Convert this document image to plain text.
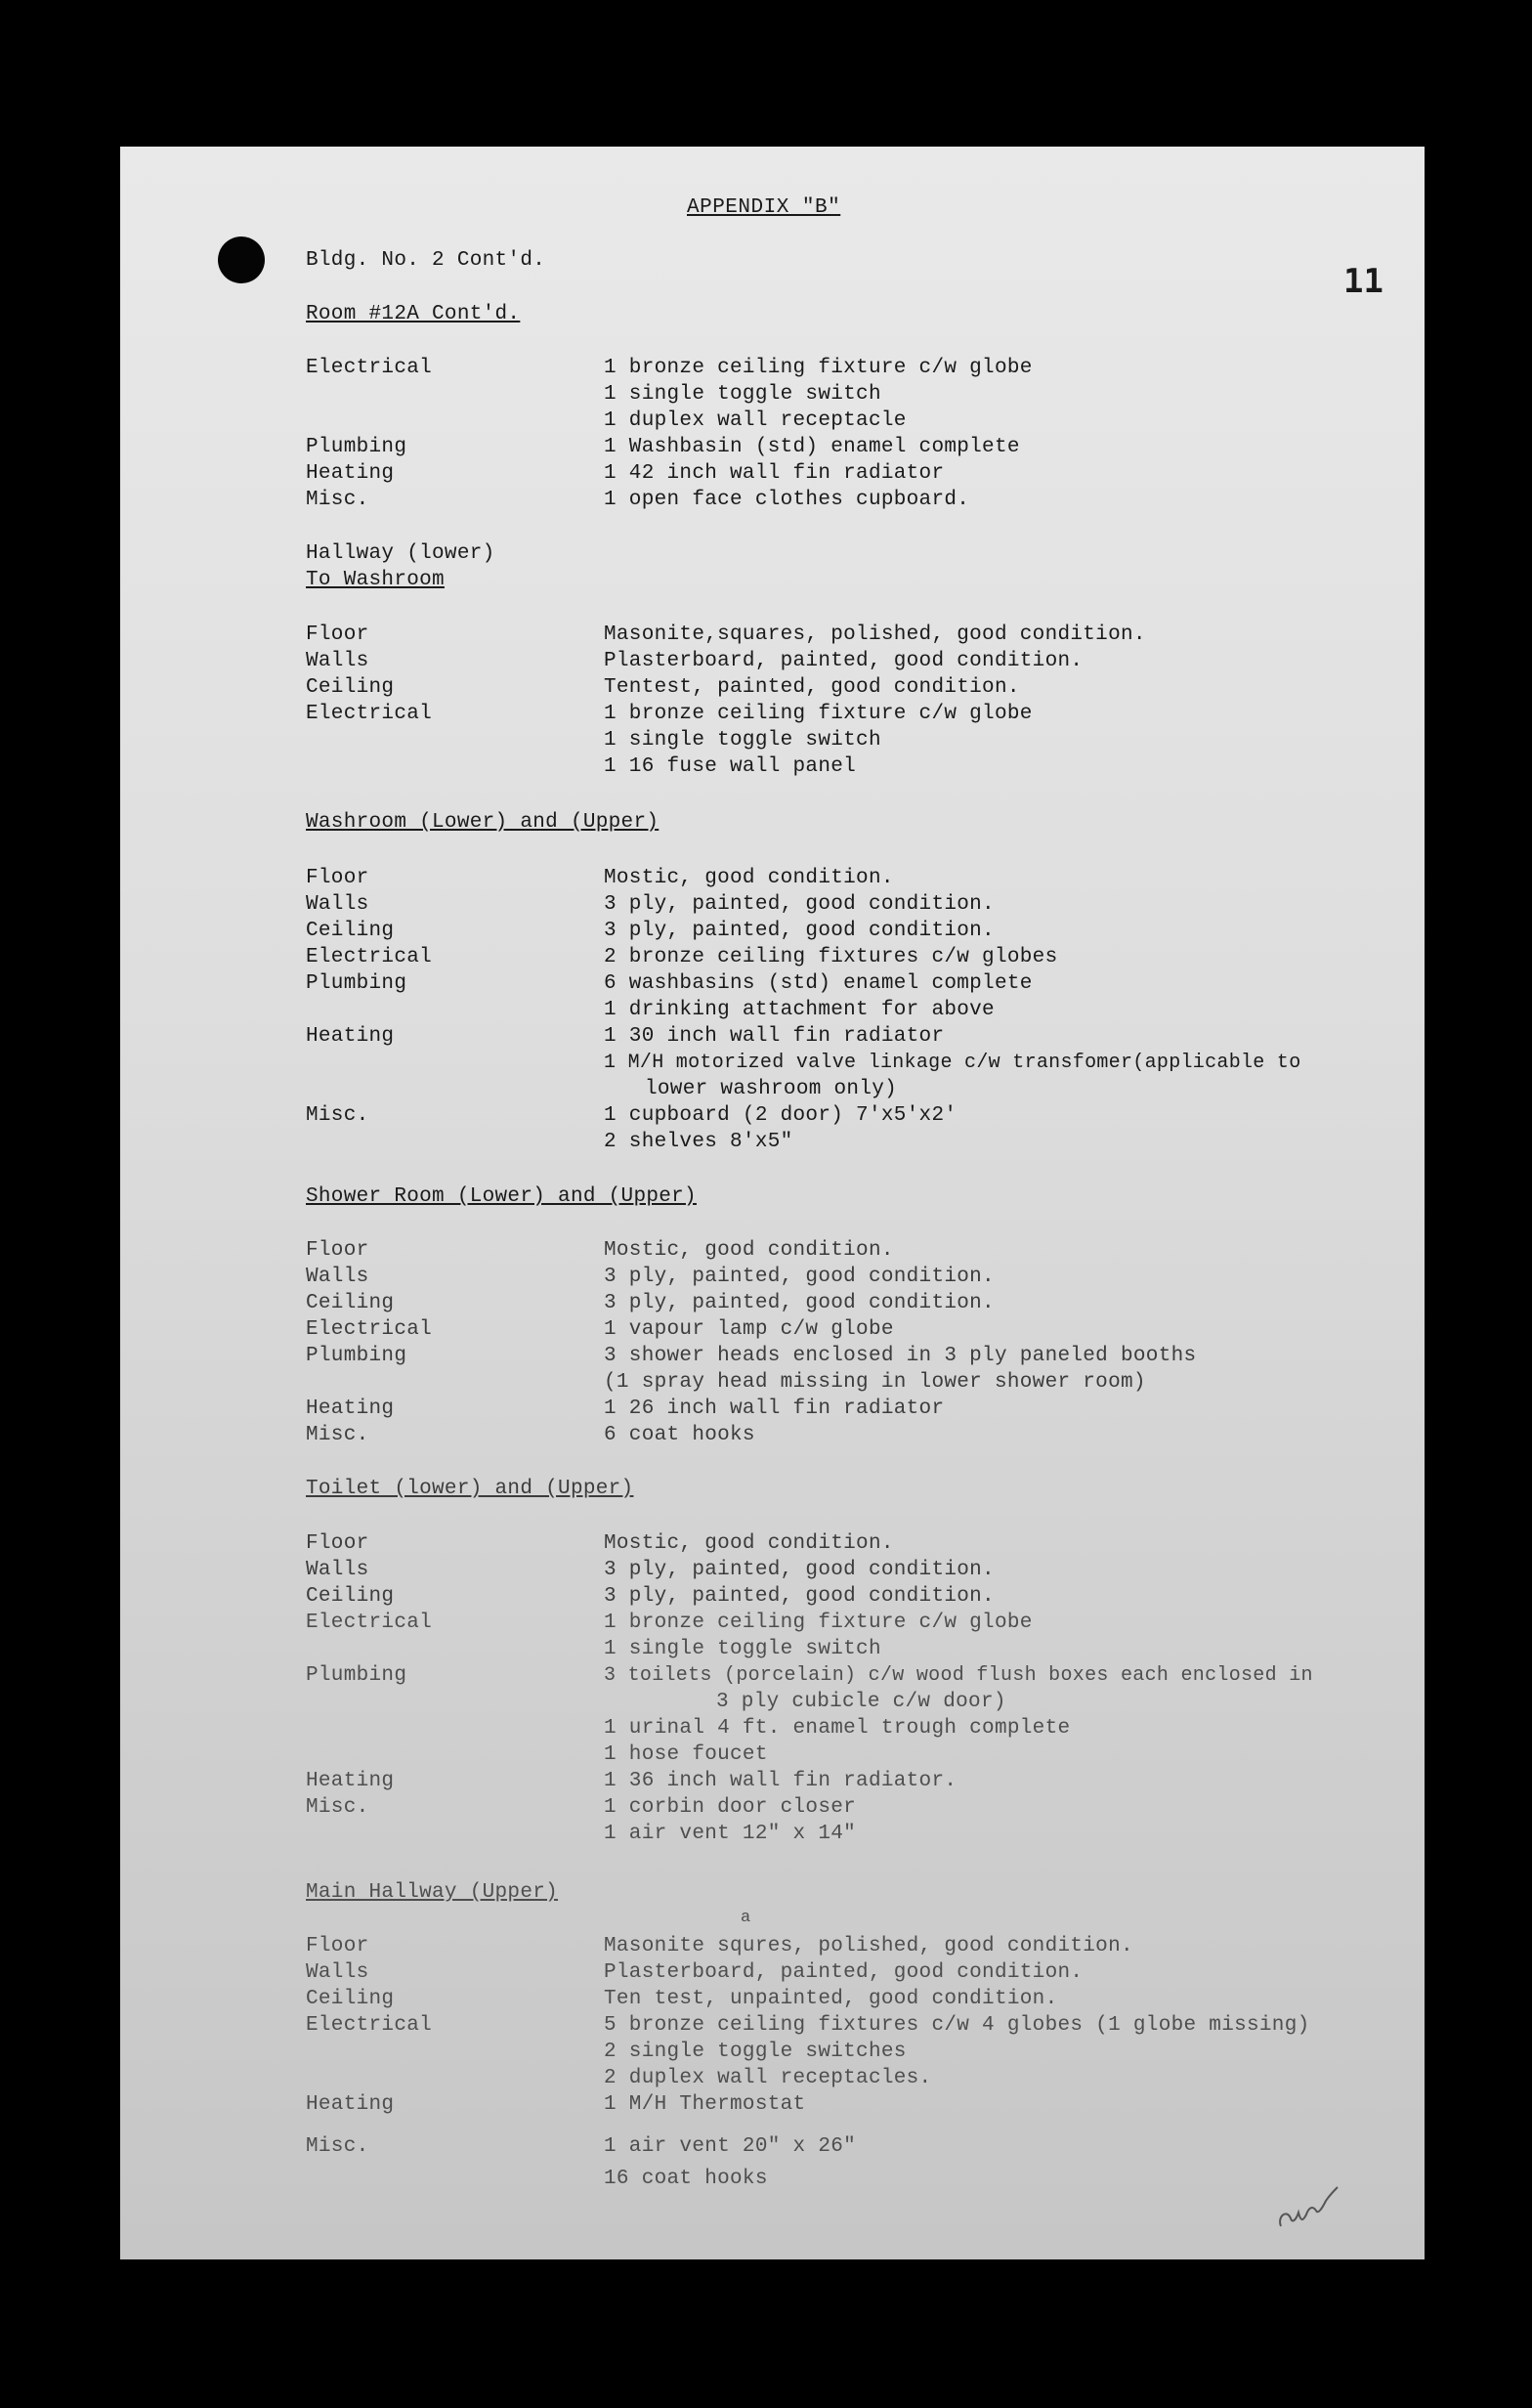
APPENDIX "B"
11
Bldg. No. 2 Cont'd.
Room #12A Cont'd.
Electrical	1 bronze ceiling fixture c/w globe
1 single toggle switch
1 duplex wall receptacle
Plumbing	1 Washbasin (std) enamel complete
Heating	1 42 inch wall fin radiator
Misc.	1 open face clothes cupboard.
Hallway (lower)
To Washroom
Floor	Masonite,squares, polished, good condition.
Walls	Plasterboard, painted, good condition.
Ceiling	Tentest, painted, good condition.
Electrical	1 bronze ceiling fixture c/w globe
1 single toggle switch
1 16 fuse wall panel
Washroom (Lower) and (Upper)
Floor	Mostic, good condition.
Walls	3 ply, painted, good condition.
Ceiling	3 ply, painted, good condition.
Electrical	2 bronze ceiling fixtures c/w globes
Plumbing	6 washbasins (std) enamel complete
1 drinking attachment for above
Heating	1 30 inch wall fin radiator
1 M/H motorized valve linkage c/w transfomer(applicable to
lower washroom only)
Misc.	1 cupboard (2 door) 7'x5'x2'
2 shelves 8'x5"
Shower Room (Lower) and (Upper)
Floor	Mostic, good condition.
Walls	3 ply, painted, good condition.
Ceiling	3 ply, painted, good condition.
Electrical	1 vapour lamp c/w globe
Plumbing	3 shower heads enclosed in 3 ply paneled booths
(1 spray head missing in lower shower room)
Heating	1 26 inch wall fin radiator
Misc.	6 coat hooks
Toilet (lower) and (Upper)
Floor	Mostic, good condition.
Walls	3 ply, painted, good condition.
Ceiling	3 ply, painted, good condition.
Electrical	1 bronze ceiling fixture c/w globe
1 single toggle switch
Plumbing	3 toilets (porcelain) c/w wood flush boxes each enclosed in
3 ply cubicle c/w door)
1 urinal 4 ft. enamel trough complete
1 hose foucet
Heating	1 36 inch wall fin radiator.
Misc.	1 corbin door closer
1 air vent 12" x 14"
Main Hallway (Upper)
a
Floor	Masonite squres, polished, good condition.
Walls	Plasterboard, painted, good condition.
Ceiling	Ten test, unpainted, good condition.
Electrical	5 bronze ceiling fixtures c/w 4 globes (1 globe missing)
2 single toggle switches
2 duplex wall receptacles.
Heating	1 M/H Thermostat
Misc.	1 air vent 20" x 26"
16 coat hooks
